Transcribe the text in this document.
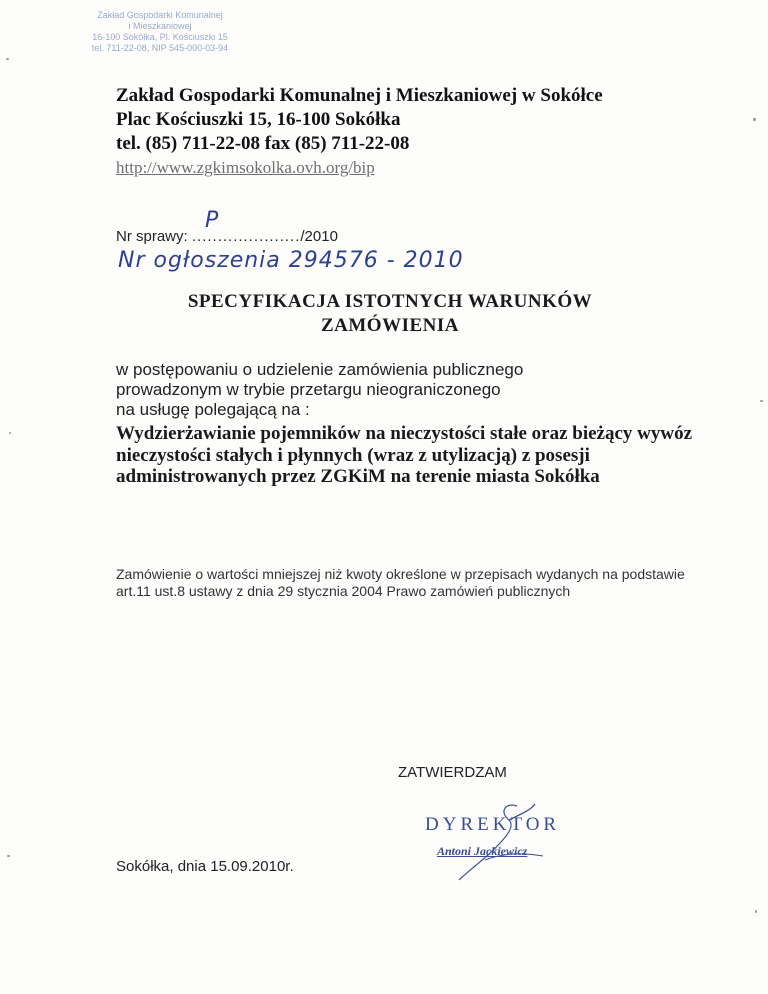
Zakład Gospodarki Komunalnej
i Mieszkaniowej
16-100 Sokółka, Pl. Kościuszki 15
tel. 711-22-08, NIP 545-000-03-94
Zakład Gospodarki Komunalnej i Mieszkaniowej w Sokółce
Plac Kościuszki 15, 16-100 Sokółka
tel. (85) 711-22-08 fax (85) 711-22-08
http://www.zgkimsokolka.ovh.org/bip
P
Nr sprawy: ...................../2010
Nr ogłoszenia 294576 - 2010
SPECYFIKACJA ISTOTNYCH WARUNKÓW
ZAMÓWIENIA
w postępowaniu o udzielenie zamówienia publicznego
prowadzonym w trybie przetargu nieograniczonego
na usługę polegającą na :
Wydzierżawianie pojemników na nieczystości stałe oraz bieżący wywóz nieczystości stałych i płynnych (wraz z utylizacją) z posesji administrowanych przez ZGKiM na terenie miasta Sokółka
Zamówienie o wartości mniejszej niż kwoty określone w przepisach wydanych na podstawie art.11 ust.8 ustawy z dnia 29 stycznia 2004 Prawo zamówień publicznych
ZATWIERDZAM
DYREKTOR
Antoni Jackiewicz
Sokółka, dnia 15.09.2010r.
